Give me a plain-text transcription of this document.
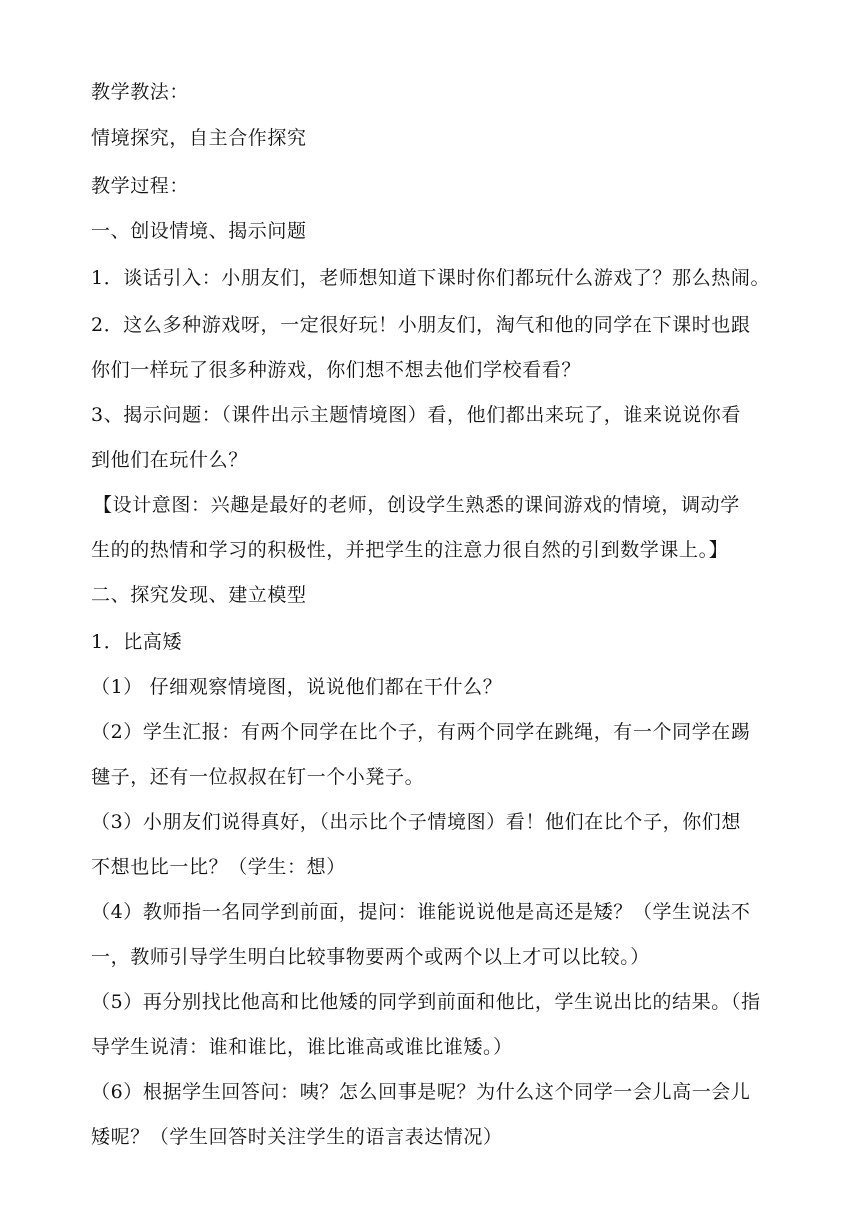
教学教法：
情境探究，自主合作探究
教学过程：
一、创设情境、揭示问题
1．谈话引入：小朋友们，老师想知道下课时你们都玩什么游戏了？那么热闹。
2．这么多种游戏呀，一定很好玩！小朋友们，淘气和他的同学在下课时也跟
你们一样玩了很多种游戏，你们想不想去他们学校看看？
3、揭示问题：（课件出示主题情境图）看，他们都出来玩了，谁来说说你看
到他们在玩什么？
【设计意图：兴趣是最好的老师，创设学生熟悉的课间游戏的情境，调动学
生的的热情和学习的积极性，并把学生的注意力很自然的引到数学课上。】
二、探究发现、建立模型
1．比高矮
（1） 仔细观察情境图，说说他们都在干什么？
（2）学生汇报：有两个同学在比个子，有两个同学在跳绳，有一个同学在踢
毽子，还有一位叔叔在钉一个小凳子。
（3）小朋友们说得真好，（出示比个子情境图）看！他们在比个子，你们想
不想也比一比？（学生：想）
（4）教师指一名同学到前面，提问：谁能说说他是高还是矮？（学生说法不
一，教师引导学生明白比较事物要两个或两个以上才可以比较。）
（5）再分别找比他高和比他矮的同学到前面和他比，学生说出比的结果。（指
导学生说清：谁和谁比，谁比谁高或谁比谁矮。）
（6）根据学生回答问：咦？怎么回事是呢？为什么这个同学一会儿高一会儿
矮呢？（学生回答时关注学生的语言表达情况）
